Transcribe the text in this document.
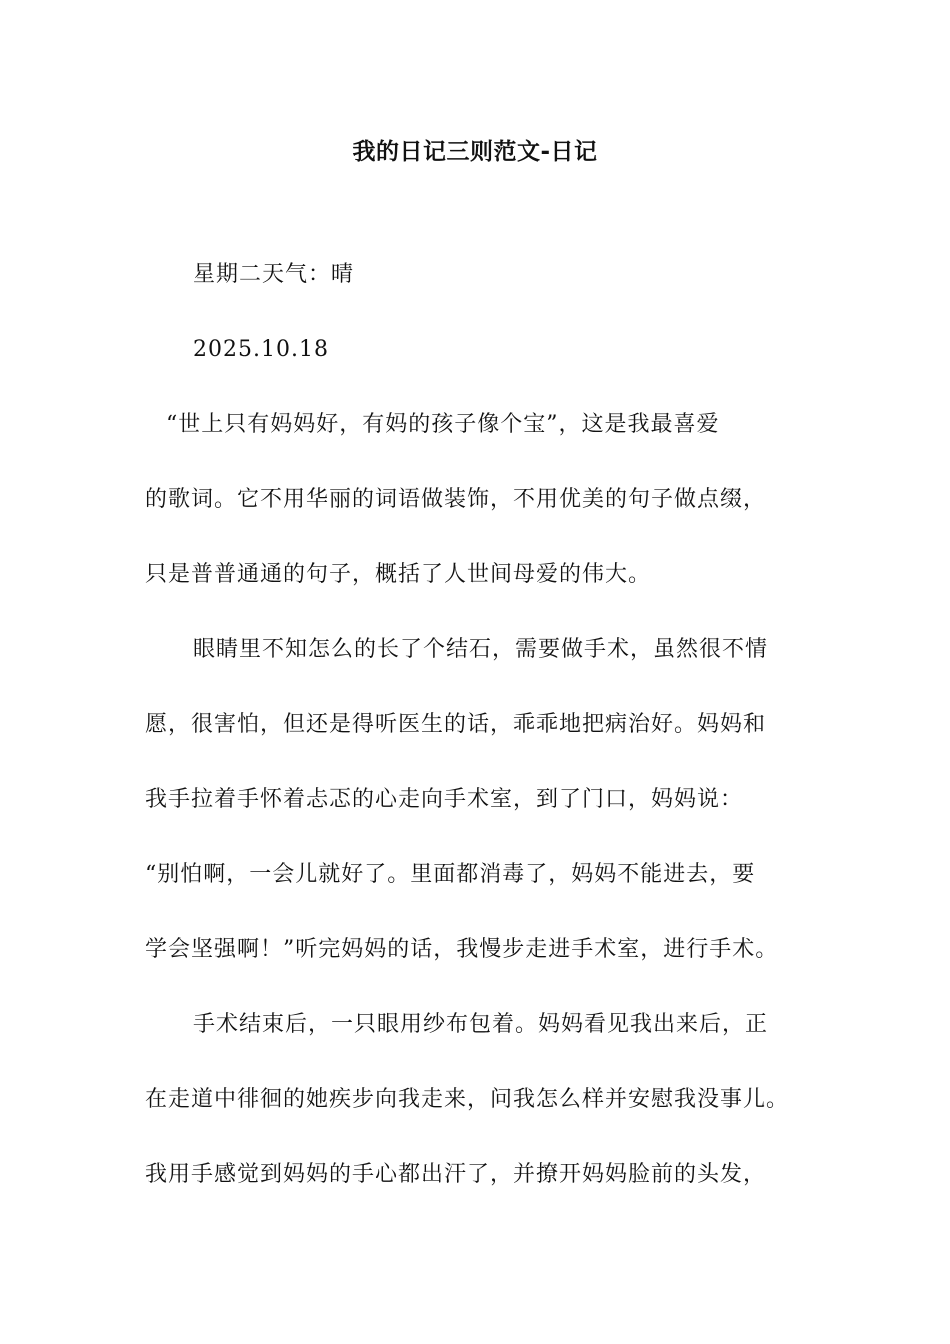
我的日记三则范文-日记
星期二天气：晴
2025.10.18
“世上只有妈妈好，有妈的孩子像个宝”，这是我最喜爱
的歌词。它不用华丽的词语做装饰，不用优美的句子做点缀，
只是普普通通的句子，概括了人世间母爱的伟大。
眼睛里不知怎么的长了个结石，需要做手术，虽然很不情
愿，很害怕，但还是得听医生的话，乖乖地把病治好。妈妈和
我手拉着手怀着忐忑的心走向手术室，到了门口，妈妈说：
“别怕啊，一会儿就好了。里面都消毒了，妈妈不能进去，要
学会坚强啊！”听完妈妈的话，我慢步走进手术室，进行手术。
手术结束后，一只眼用纱布包着。妈妈看见我出来后，正
在走道中徘徊的她疾步向我走来，问我怎么样并安慰我没事儿。
我用手感觉到妈妈的手心都出汗了，并撩开妈妈脸前的头发，
